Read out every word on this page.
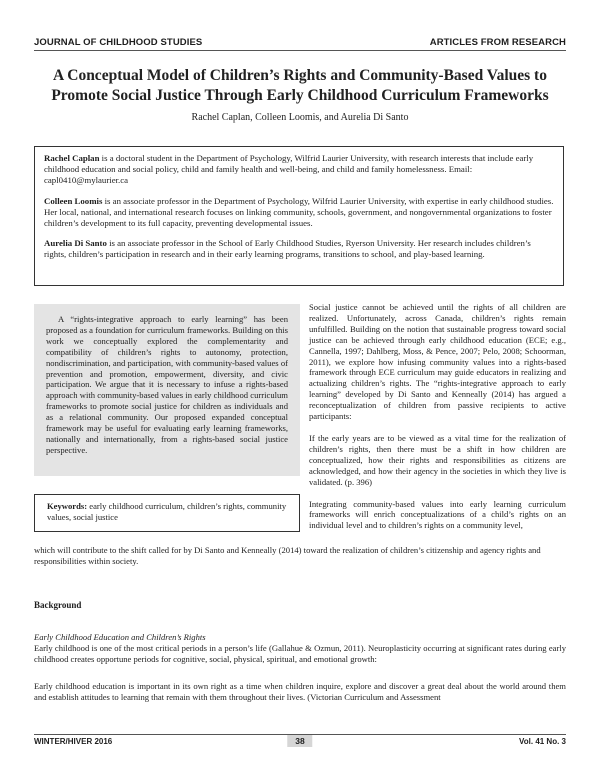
JOURNAL OF CHILDHOOD STUDIES	ARTICLES FROM RESEARCH
A Conceptual Model of Children’s Rights and Community-Based Values to Promote Social Justice Through Early Childhood Curriculum Frameworks
Rachel Caplan, Colleen Loomis, and Aurelia Di Santo

Rachel Caplan is a doctoral student in the Department of Psychology, Wilfrid Laurier University, with research interests that include early childhood education and social policy, child and family health and well-being, and child and family homelessness. Email: capl0410@mylaurier.ca

Colleen Loomis is an associate professor in the Department of Psychology, Wilfrid Laurier University, with expertise in early childhood studies. Her local, national, and international research focuses on linking community, schools, government, and nongovernmental organizations to foster children’s development to its full capacity, preventing developmental issues.

Aurelia Di Santo is an associate professor in the School of Early Childhood Studies, Ryerson University. Her research includes children’s rights, children’s participation in research and in their early learning programs, transitions to school, and play-based learning.

A “rights-integrative approach to early learning” has been proposed as a foundation for curriculum frameworks. Building on this work we conceptually explored the complementarity and compatibility of children’s rights to autonomy, protection, nondiscrimination, and participation, with community-based values of prevention and promotion, empowerment, diversity, and civic participation. We argue that it is necessary to infuse a rights-based approach with community-based values in early childhood curriculum frameworks to promote social justice for children as individuals and as a relational community. Our proposed expanded conceptual framework may be useful for evaluating early learning frameworks, nationally and internationally, from a rights-based social justice perspective.
Keywords: early childhood curriculum, children’s rights, community values, social justice

Social justice cannot be achieved until the rights of all children are realized. Unfortunately, across Canada, children’s rights remain unfulfilled. Building on the notion that sustainable progress toward social justice can be achieved through early childhood education (ECE; e.g., Cannella, 1997; Dahlberg, Moss, & Pence, 2007; Pelo, 2008; Schoorman, 2011), we explore how infusing community values into a rights-based framework through ECE curriculum may guide educators in realizing and actualizing children’s rights. The “rights-integrative approach to early learning” developed by Di Santo and Kenneally (2014) has argued a reconceptualization of children from passive recipients to active participants:

If the early years are to be viewed as a vital time for the realization of children’s rights, then there must be a shift in how children are conceptualized, how their rights and responsibilities as citizens are acknowledged, and how their agency in the societies in which they live is validated. (p. 396)

Integrating community-based values into early learning curriculum frameworks will enrich conceptualizations of a child’s rights on an individual level and to children’s rights on a community level,

which will contribute to the shift called for by Di Santo and Kenneally (2014) toward the realization of children’s citizenship and agency rights and responsibilities within society.
Background
Early Childhood Education and Children’s Rights
Early childhood is one of the most critical periods in a person’s life (Gallahue & Ozmun, 2011). Neuroplasticity occurring at significant rates during early childhood creates opportune periods for cognitive, social, physical, spiritual, and emotional growth:
Early childhood education is important in its own right as a time when children inquire, explore and discover a great deal about the world around them and establish attitudes to learning that remain with them throughout their lives. (Victorian Curriculum and Assessment
WINTER/HIVER 2016	38	Vol. 41 No. 3
